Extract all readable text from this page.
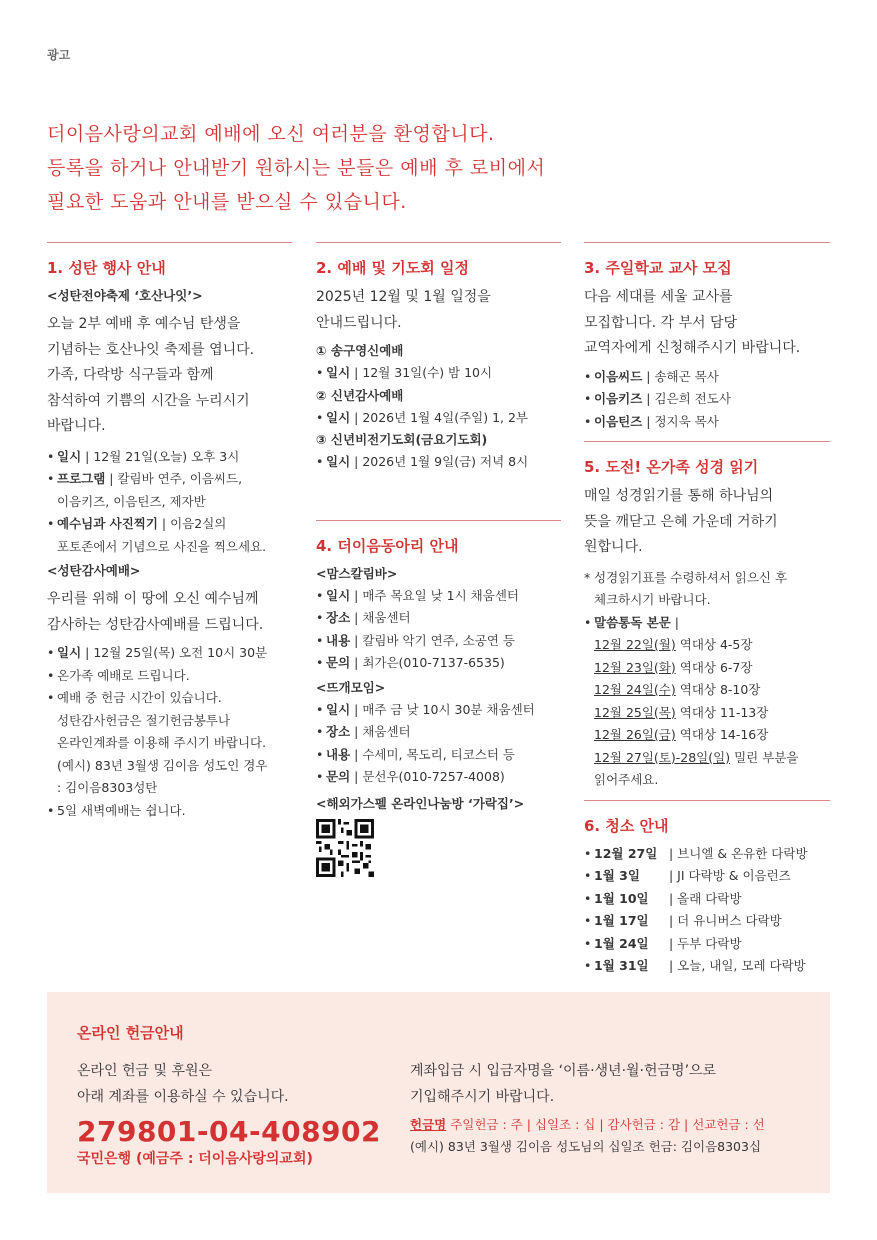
광고
더이음사랑의교회 예배에 오신 여러분을 환영합니다.
등록을 하거나 안내받기 원하시는 분들은 예배 후 로비에서
필요한 도움과 안내를 받으실 수 있습니다.
1. 성탄 행사 안내
<성탄전야축제 ‘호산나잇’>
오늘 2부 예배 후 예수님 탄생을
기념하는 호산나잇 축제를 엽니다.
가족, 다락방 식구들과 함께
참석하여 기쁨의 시간을 누리시기
바랍니다.
• 일시 | 12월 21일(오늘) 오후 3시
• 프로그램 | 칼림바 연주, 이음씨드,
이음키즈, 이음틴즈, 제자반
• 예수님과 사진찍기 | 이음2실의
포토존에서 기념으로 사진을 찍으세요.
<성탄감사예배>
우리를 위해 이 땅에 오신 예수님께
감사하는 성탄감사예배를 드립니다.
• 일시 | 12월 25일(목) 오전 10시 30분
• 온가족 예배로 드립니다.
• 예배 중 헌금 시간이 있습니다.
성탄감사헌금은 절기헌금봉투나
온라인계좌를 이용해 주시기 바랍니다.
(예시) 83년 3월생 김이음 성도인 경우
: 김이음8303성탄
• 5일 새벽예배는 쉽니다.
2. 예배 및 기도회 일정
2025년 12월 및 1월 일정을
안내드립니다.
① 송구영신예배
• 일시 | 12월 31일(수) 밤 10시
② 신년감사예배
• 일시 | 2026년 1월 4일(주일) 1, 2부
③ 신년비전기도회(금요기도회)
• 일시 | 2026년 1월 9일(금) 저녁 8시
4. 더이음동아리 안내
<맘스칼림바>
• 일시 | 매주 목요일 낮 1시 채움센터
• 장소 | 채움센터
• 내용 | 칼림바 악기 연주, 소공연 등
• 문의 | 최가은(010-7137-6535)
<뜨개모임>
• 일시 | 매주 금 낮 10시 30분 채움센터
• 장소 | 채움센터
• 내용 | 수세미, 목도리, 티코스터 등
• 문의 | 문선우(010-7257-4008)
<해외가스펠 온라인나눔방 ‘가락집’>
3. 주일학교 교사 모집
다음 세대를 세울 교사를
모집합니다. 각 부서 담당
교역자에게 신청해주시기 바랍니다.
• 이음씨드 | 송해곤 목사
• 이음키즈 | 김은희 전도사
• 이음틴즈 | 정지욱 목사
5. 도전! 온가족 성경 읽기
매일 성경읽기를 통해 하나님의
뜻을 깨닫고 은혜 가운데 거하기
원합니다.
* 성경읽기표를 수령하셔서 읽으신 후
체크하시기 바랍니다.
• 말씀통독 본문 |
12월 22일(월) 역대상 4-5장
12월 23일(화) 역대상 6-7장
12월 24일(수) 역대상 8-10장
12월 25일(목) 역대상 11-13장
12월 26일(금) 역대상 14-16장
12월 27일(토)-28일(일) 밀린 부분을
읽어주세요.
6. 청소 안내
• 12월 27일 | 브니엘 & 온유한 다락방
• 1월 3일 | JI 다락방 & 이음런즈
• 1월 10일 | 올래 다락방
• 1월 17일 | 더 유니버스 다락방
• 1월 24일 | 두부 다락방
• 1월 31일 | 오늘, 내일, 모레 다락방
온라인 헌금안내
온라인 헌금 및 후원은
아래 계좌를 이용하실 수 있습니다.
279801-04-408902
국민은행 (예금주 : 더이음사랑의교회)
계좌입금 시 입금자명을 ‘이름·생년·월·헌금명’으로
기입해주시기 바랍니다.
헌금명 주일헌금 : 주 | 십일조 : 십 | 감사헌금 : 감 | 선교헌금 : 선
(예시) 83년 3월생 김이음 성도님의 십일조 헌금: 김이음8303십
